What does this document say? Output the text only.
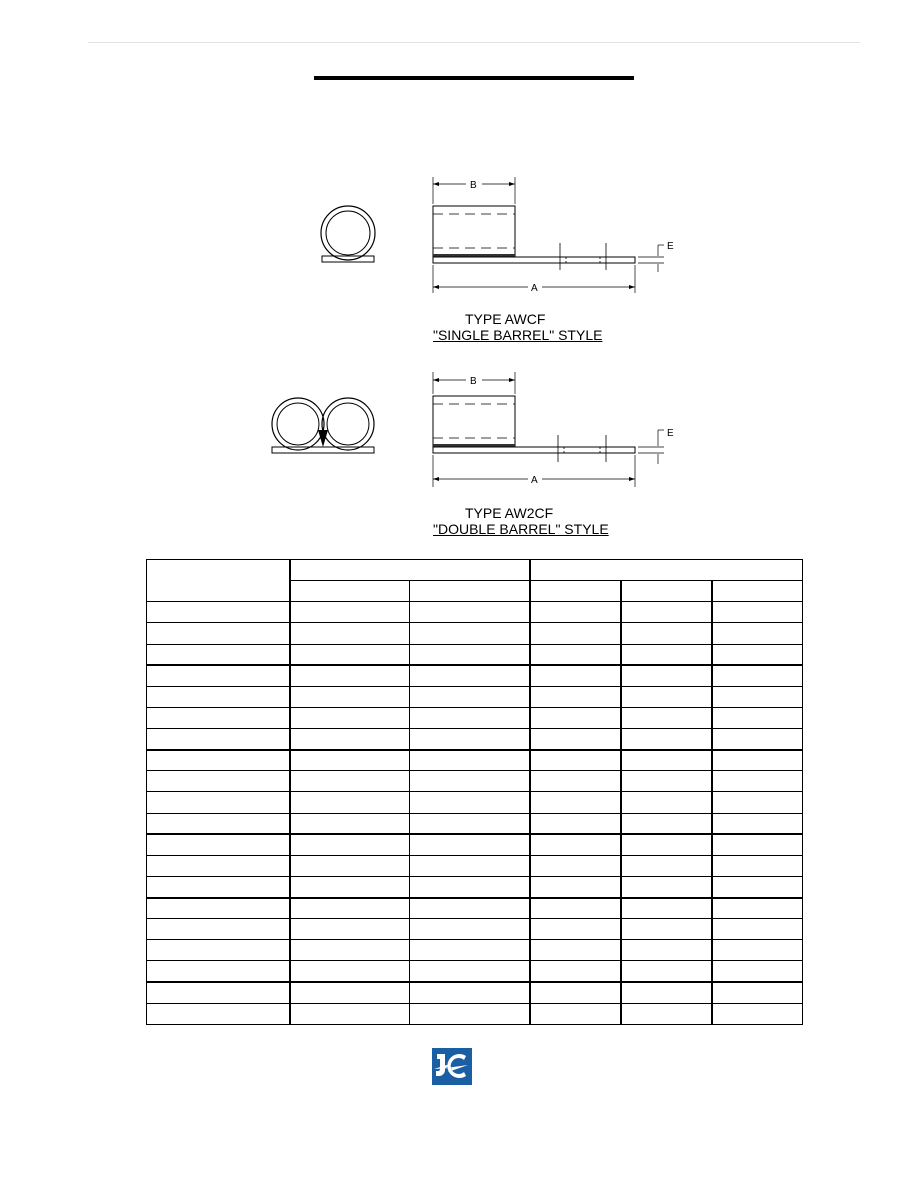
B
A
E
B
A
E
TYPE AWCF
"SINGLE BARREL" STYLE
TYPE AW2CF
"DOUBLE BARREL" STYLE
